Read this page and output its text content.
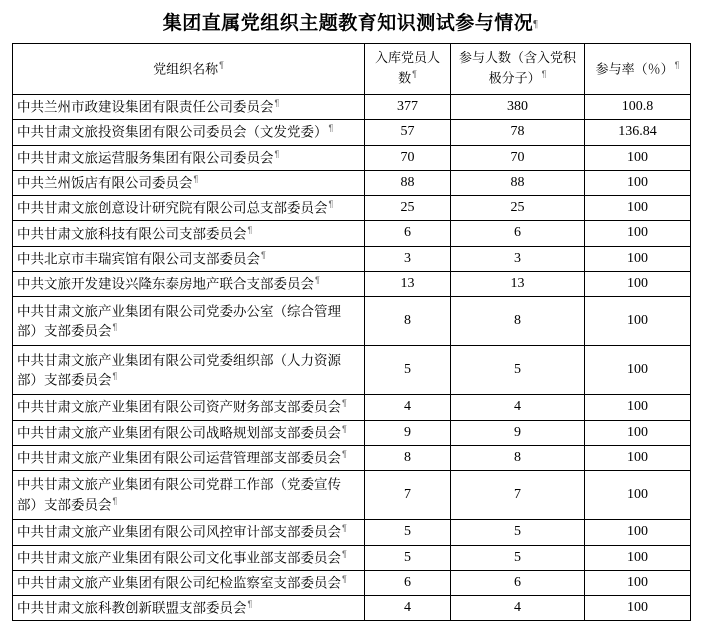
集团直属党组织主题教育知识测试参与情况¶
党组织名称¶	入库党员人数¶	参与人数（含入党积极分子）¶	参与率（％）¶
中共兰州市政建设集团有限责任公司委员会¶	377	380	100.8
中共甘肃文旅投资集团有限公司委员会（文发党委）¶	57	78	136.84
中共甘肃文旅运营服务集团有限公司委员会¶	70	70	100
中共兰州饭店有限公司委员会¶	88	88	100
中共甘肃文旅创意设计研究院有限公司总支部委员会¶	25	25	100
中共甘肃文旅科技有限公司支部委员会¶	6	6	100
中共北京市丰瑞宾馆有限公司支部委员会¶	3	3	100
中共文旅开发建设兴隆东泰房地产联合支部委员会¶	13	13	100
中共甘肃文旅产业集团有限公司党委办公室（综合管理部）支部委员会¶	8	8	100
中共甘肃文旅产业集团有限公司党委组织部（人力资源部）支部委员会¶	5	5	100
中共甘肃文旅产业集团有限公司资产财务部支部委员会¶	4	4	100
中共甘肃文旅产业集团有限公司战略规划部支部委员会¶	9	9	100
中共甘肃文旅产业集团有限公司运营管理部支部委员会¶	8	8	100
中共甘肃文旅产业集团有限公司党群工作部（党委宣传部）支部委员会¶	7	7	100
中共甘肃文旅产业集团有限公司风控审计部支部委员会¶	5	5	100
中共甘肃文旅产业集团有限公司文化事业部支部委员会¶	5	5	100
中共甘肃文旅产业集团有限公司纪检监察室支部委员会¶	6	6	100
中共甘肃文旅科教创新联盟支部委员会¶	4	4	100
